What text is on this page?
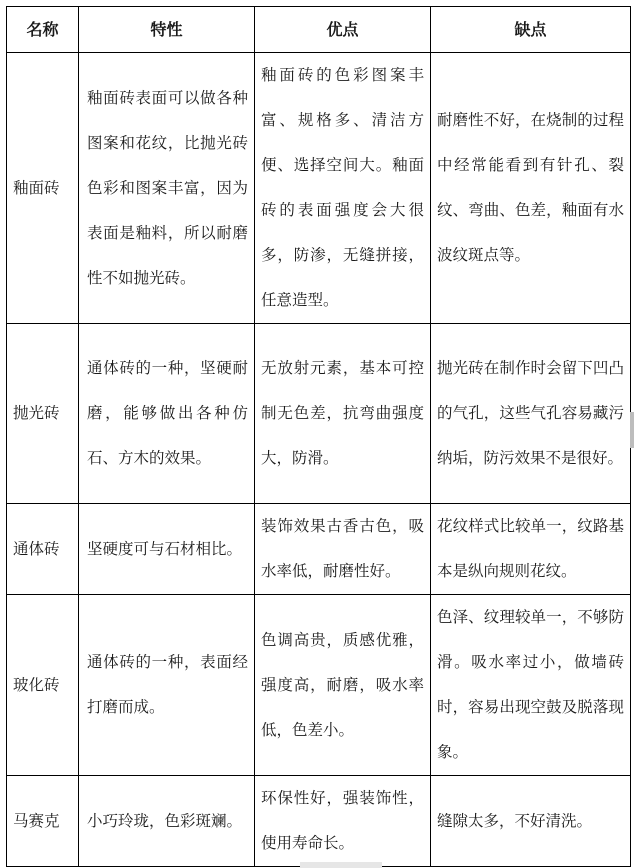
名称	特性	优点	缺点
釉面砖	釉面砖表面可以做各种图案和花纹，比抛光砖色彩和图案丰富，因为表面是釉料，所以耐磨性不如抛光砖。	釉面砖的色彩图案丰富、规格多、清洁方便、选择空间大。釉面砖的表面强度会大很多，防渗，无缝拼接，任意造型。	耐磨性不好，在烧制的过程中经常能看到有针孔、裂纹、弯曲、色差，釉面有水波纹斑点等。
抛光砖	通体砖的一种，坚硬耐磨，能够做出各种仿石、方木的效果。	无放射元素，基本可控制无色差，抗弯曲强度大，防滑。	抛光砖在制作时会留下凹凸的气孔，这些气孔容易藏污纳垢，防污效果不是很好。
通体砖	坚硬度可与石材相比。	装饰效果古香古色，吸水率低，耐磨性好。	花纹样式比较单一，纹路基本是纵向规则花纹。
玻化砖	通体砖的一种，表面经打磨而成。	色调高贵，质感优雅，强度高，耐磨，吸水率低，色差小。	色泽、纹理较单一，不够防滑。吸水率过小，做墙砖时，容易出现空鼓及脱落现象。
马赛克	小巧玲珑，色彩斑斓。	环保性好，强装饰性，使用寿命长。	缝隙太多，不好清洗。
